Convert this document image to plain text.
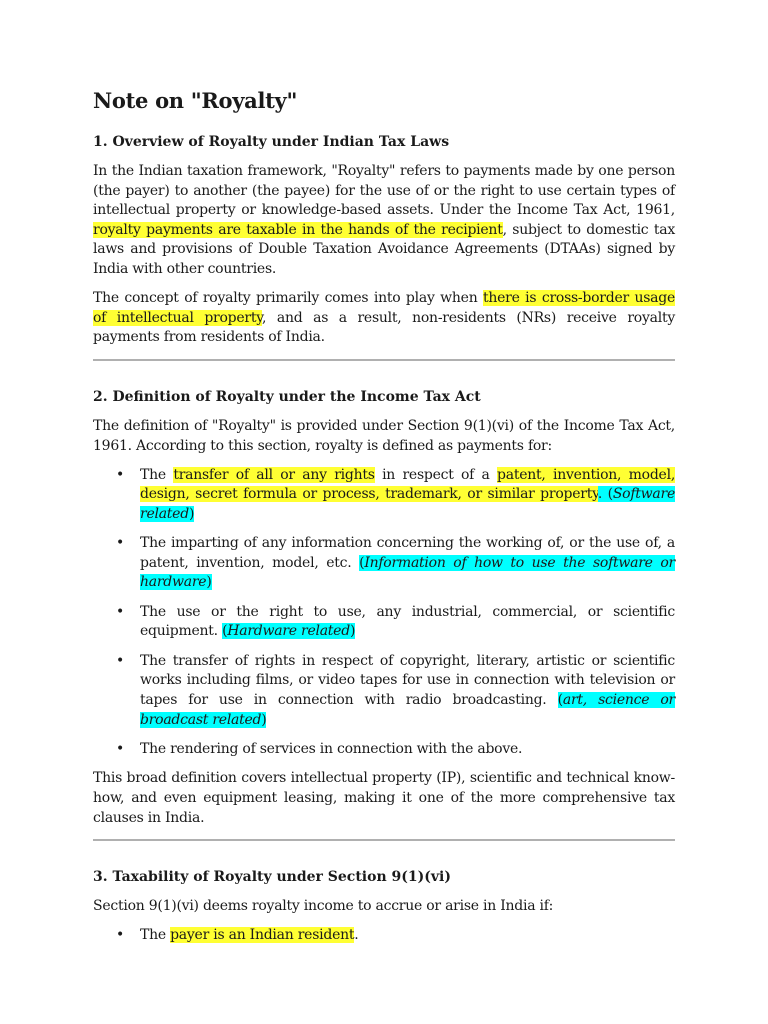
Note on "Royalty"
1. Overview of Royalty under Indian Tax Laws

In the Indian taxation framework, "Royalty" refers to payments made by one person (the payer) to another (the payee) for the use of or the right to use certain types of intellectual property or knowledge-based assets. Under the Income Tax Act, 1961, royalty payments are taxable in the hands of the recipient, subject to domestic tax laws and provisions of Double Taxation Avoidance Agreements (DTAAs) signed by India with other countries.

The concept of royalty primarily comes into play when there is cross-border usage of intellectual property, and as a result, non-residents (NRs) receive royalty payments from residents of India.

2. Definition of Royalty under the Income Tax Act

The definition of "Royalty" is provided under Section 9(1)(vi) of the Income Tax Act, 1961. According to this section, royalty is defined as payments for:

• The transfer of all or any rights in respect of a patent, invention, model, design, secret formula or process, trademark, or similar property. (Software related)
• The imparting of any information concerning the working of, or the use of, a patent, invention, model, etc. (Information of how to use the software or hardware)
• The use or the right to use, any industrial, commercial, or scientific equipment. (Hardware related)
• The transfer of rights in respect of copyright, literary, artistic or scientific works including films, or video tapes for use in connection with television or tapes for use in connection with radio broadcasting. (art, science or broadcast related)
• The rendering of services in connection with the above.

This broad definition covers intellectual property (IP), scientific and technical know-how, and even equipment leasing, making it one of the more comprehensive tax clauses in India.

3. Taxability of Royalty under Section 9(1)(vi)

Section 9(1)(vi) deems royalty income to accrue or arise in India if:

• The payer is an Indian resident.
